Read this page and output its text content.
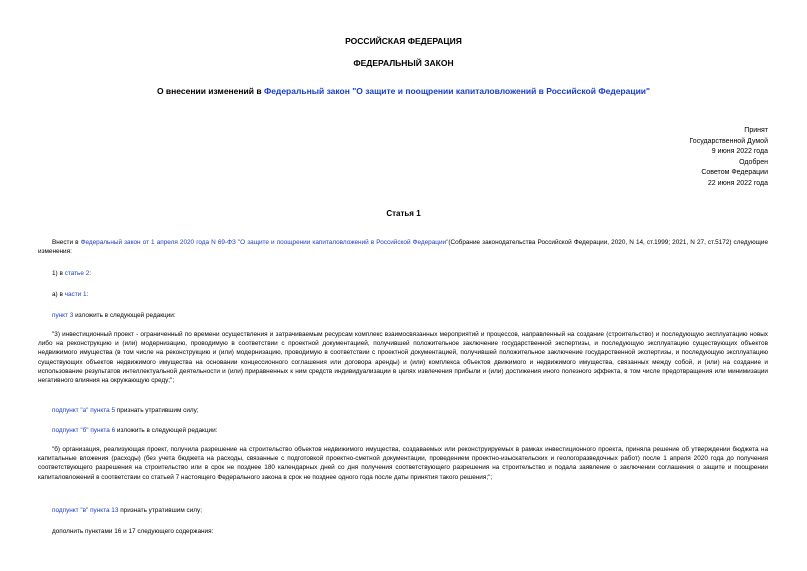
РОССИЙСКАЯ ФЕДЕРАЦИЯ
ФЕДЕРАЛЬНЫЙ ЗАКОН
О внесении изменений в Федеральный закон "О защите и поощрении капиталовложений в Российской Федерации"
Принят
Государственной Думой
9 июня 2022 года
Одобрен
Советом Федерации
22 июня 2022 года
Статья 1
Внести в Федеральный закон от 1 апреля 2020 года N 69-ФЗ "О защите и поощрении капиталовложений в Российской Федерации"(Собрание законодательства Российской Федерации, 2020, N 14, ст.1999; 2021, N 27, ст.5172) следующие изменения:
1) в статье 2:
а) в части 1:
пункт 3 изложить в следующей редакции:
"3) инвестиционный проект - ограниченный по времени осуществления и затрачиваемым ресурсам комплекс взаимосвязанных мероприятий и процессов, направленный на создание (строительство) и последующую эксплуатацию новых либо на реконструкцию и (или) модернизацию, проводимую в соответствии с проектной документацией, получившей положительное заключение государственной экспертизы, и последующую эксплуатацию существующих объектов недвижимого имущества (в том числе на реконструкцию и (или) модернизацию, проводимую в соответствии с проектной документацией, получившей положительное заключение государственной экспертизы, и последующую эксплуатацию существующих объектов недвижимого имущества на основании концессионного соглашения или договора аренды) и (или) комплекса объектов движимого и недвижимого имущества, связанных между собой, и (или) на создание и использование результатов интеллектуальной деятельности и (или) приравненных к ним средств индивидуализации в целях извлечения прибыли и (или) достижения иного полезного эффекта, в том числе предотвращения или минимизации негативного влияния на окружающую среду;";
подпункт "а" пункта 5 признать утратившим силу;
подпункт "б" пункта 6 изложить в следующей редакции:
"б) организация, реализующая проект, получила разрешение на строительство объектов недвижимого имущества, создаваемых или реконструируемых в рамках инвестиционного проекта, приняла решение об утверждении бюджета на капитальные вложения (расходы) (без учета бюджета на расходы, связанные с подготовкой проектно-сметной документации, проведением проектно-изыскательских и геологоразведочных работ) после 1 апреля 2020 года до получения соответствующего разрешения на строительство или в срок не позднее 180 календарных дней со дня получения соответствующего разрешения на строительство и подала заявление о заключении соглашения о защите и поощрении капиталовложений в соответствии со статьей 7 настоящего Федерального закона в срок не позднее одного года после даты принятия такого решения;";
подпункт "в" пункта 13 признать утратившим силу;
дополнить пунктами 16 и 17 следующего содержания:
